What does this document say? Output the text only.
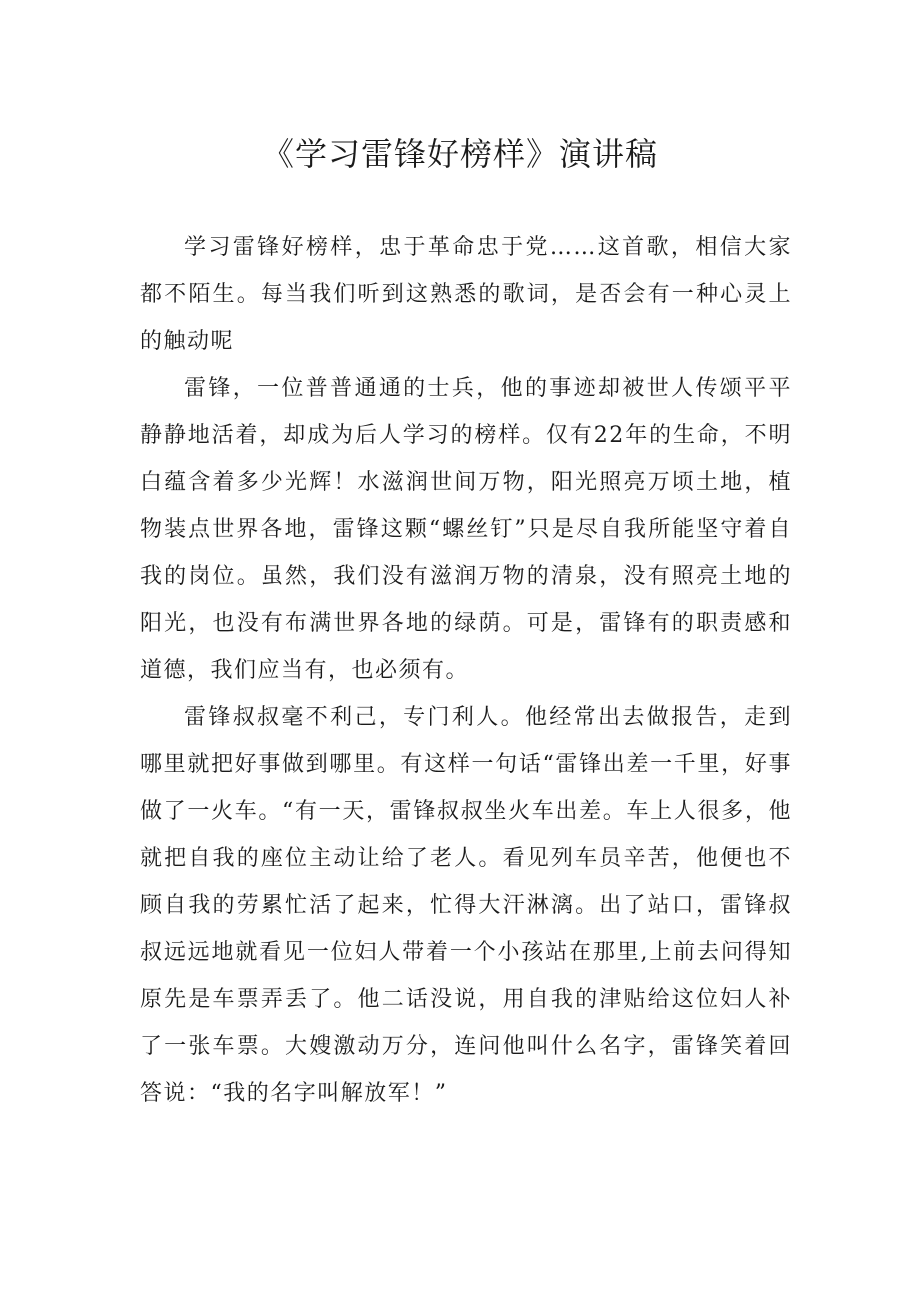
《学习雷锋好榜样》演讲稿

学习雷锋好榜样，忠于革命忠于党……这首歌，相信大家都不陌生。每当我们听到这熟悉的歌词，是否会有一种心灵上的触动呢

雷锋，一位普普通通的士兵，他的事迹却被世人传颂平平静静地活着，却成为后人学习的榜样。仅有22年的生命，不明白蕴含着多少光辉！水滋润世间万物，阳光照亮万顷土地，植物装点世界各地，雷锋这颗“螺丝钉”只是尽自我所能坚守着自我的岗位。虽然，我们没有滋润万物的清泉，没有照亮土地的阳光，也没有布满世界各地的绿荫。可是，雷锋有的职责感和道德，我们应当有，也必须有。

雷锋叔叔毫不利己，专门利人。他经常出去做报告，走到哪里就把好事做到哪里。有这样一句话“雷锋出差一千里，好事做了一火车。“有一天，雷锋叔叔坐火车出差。车上人很多，他就把自我的座位主动让给了老人。看见列车员辛苦，他便也不顾自我的劳累忙活了起来，忙得大汗淋漓。出了站口，雷锋叔叔远远地就看见一位妇人带着一个小孩站在那里,上前去问得知原先是车票弄丢了。他二话没说，用自我的津贴给这位妇人补了一张车票。大嫂激动万分，连问他叫什么名字，雷锋笑着回答说：“我的名字叫解放军！”
